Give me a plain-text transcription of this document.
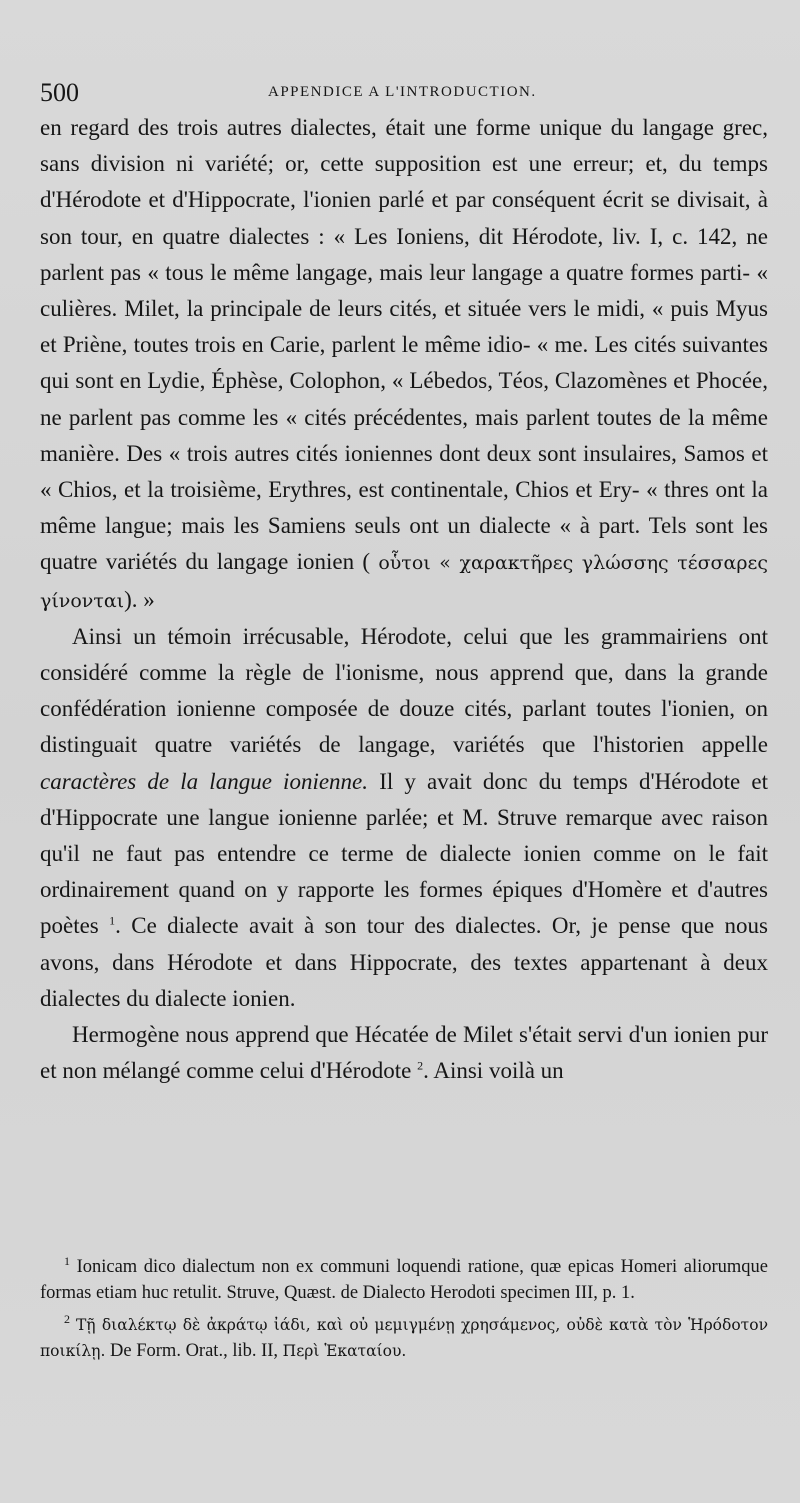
500	APPENDICE A L'INTRODUCTION.

en regard des trois autres dialectes, était une forme unique du langage grec, sans division ni variété; or, cette supposition est une erreur; et, du temps d'Hérodote et d'Hippocrate, l'ionien parlé et par conséquent écrit se divisait, à son tour, en quatre dialectes : « Les Ioniens, dit Hérodote, liv. I, c. 142, ne parlent pas « tous le même langage, mais leur langage a quatre formes parti- « culières. Milet, la principale de leurs cités, et située vers le midi, « puis Myus et Priène, toutes trois en Carie, parlent le même idio- « me. Les cités suivantes qui sont en Lydie, Éphèse, Colophon, « Lébedos, Téos, Clazomènes et Phocée, ne parlent pas comme les « cités précédentes, mais parlent toutes de la même manière. Des « trois autres cités ioniennes dont deux sont insulaires, Samos et « Chios, et la troisième, Erythres, est continentale, Chios et Ery- « thres ont la même langue; mais les Samiens seuls ont un dialecte « à part. Tels sont les quatre variétés du langage ionien ( οὗτοι « χαρακτῆρες γλώσσης τέσσαρες γίνονται). »

Ainsi un témoin irrécusable, Hérodote, celui que les grammairiens ont considéré comme la règle de l'ionisme, nous apprend que, dans la grande confédération ionienne composée de douze cités, parlant toutes l'ionien, on distinguait quatre variétés de langage, variétés que l'historien appelle caractères de la langue ionienne. Il y avait donc du temps d'Hérodote et d'Hippocrate une langue ionienne parlée; et M. Struve remarque avec raison qu'il ne faut pas entendre ce terme de dialecte ionien comme on le fait ordinairement quand on y rapporte les formes épiques d'Homère et d'autres poètes $^1$. Ce dialecte avait à son tour des dialectes. Or, je pense que nous avons, dans Hérodote et dans Hippocrate, des textes appartenant à deux dialectes du dialecte ionien.

Hermogène nous apprend que Hécatée de Milet s'était servi d'un ionien pur et non mélangé comme celui d'Hérodote $^2$. Ainsi voilà un

$^1$ Ionicam dico dialectum non ex communi loquendi ratione, quæ epicas Homeri aliorumque formas etiam huc retulit. Struve, Quæst. de Dialecto Herodoti specimen III, p. 1.

$^2$ Τῇ διαλέκτῳ δὲ ἀκράτῳ ἰάδι, καὶ οὐ μεμιγμένῃ χρησάμενος, οὐδὲ κατὰ τὸν Ἡρόδοτον ποικίλῃ. De Form. Orat., lib. II, Περὶ Ἑκαταίου.
